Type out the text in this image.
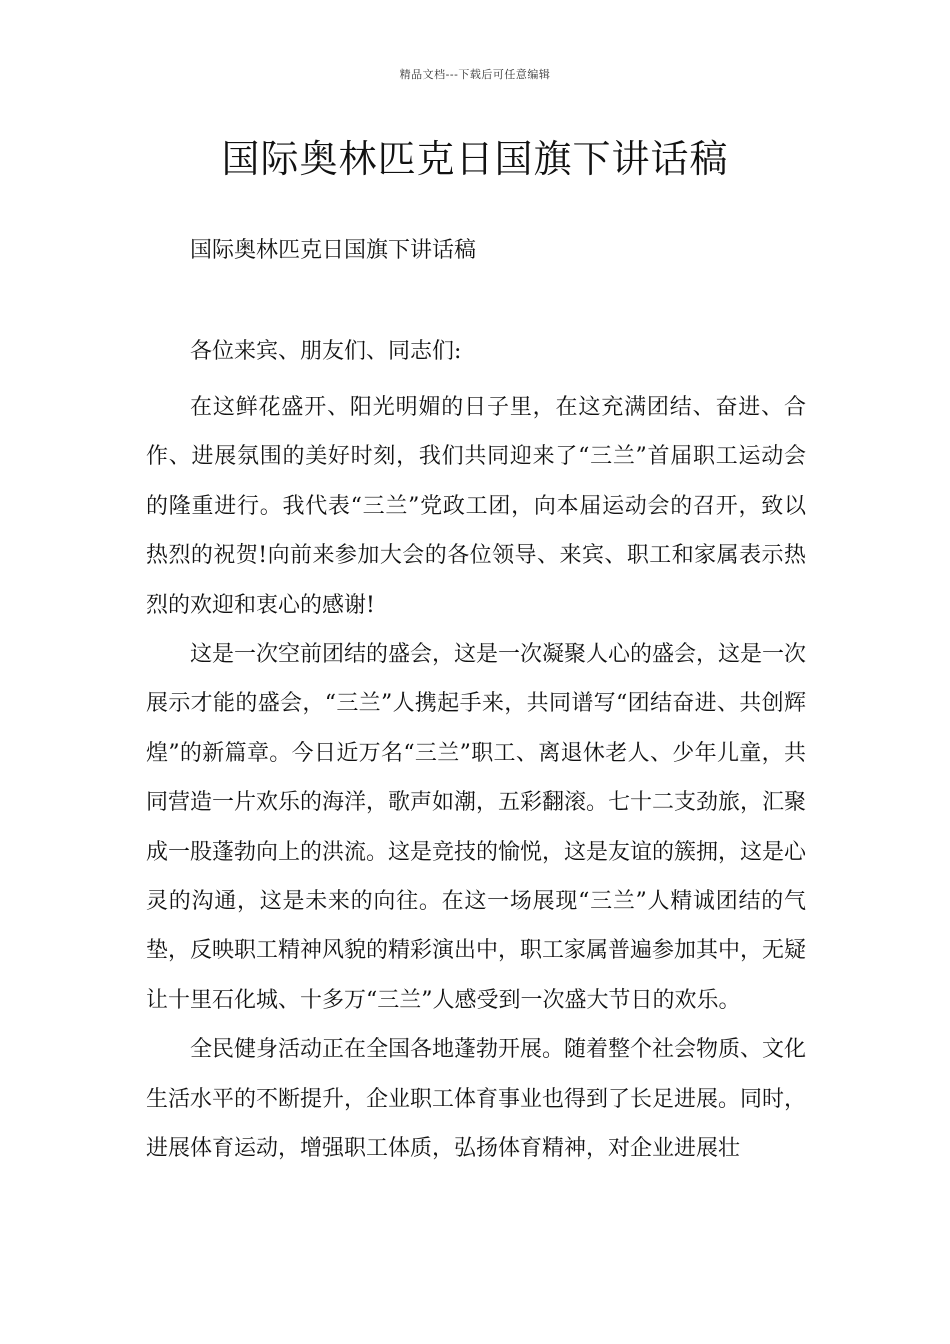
精品文档---下载后可任意编辑
国际奥林匹克日国旗下讲话稿

国际奥林匹克日国旗下讲话稿

各位来宾、朋友们、同志们:

在这鲜花盛开、阳光明媚的日子里，在这充满团结、奋进、合作、进展氛围的美好时刻，我们共同迎来了“三兰”首届职工运动会的隆重进行。我代表“三兰”党政工团，向本届运动会的召开，致以热烈的祝贺!向前来参加大会的各位领导、来宾、职工和家属表示热烈的欢迎和衷心的感谢!

这是一次空前团结的盛会，这是一次凝聚人心的盛会，这是一次展示才能的盛会，“三兰”人携起手来，共同谱写“团结奋进、共创辉煌”的新篇章。今日近万名“三兰”职工、离退休老人、少年儿童，共同营造一片欢乐的海洋，歌声如潮，五彩翻滚。七十二支劲旅，汇聚成一股蓬勃向上的洪流。这是竞技的愉悦，这是友谊的簇拥，这是心灵的沟通，这是未来的向往。在这一场展现“三兰”人精诚团结的气垫，反映职工精神风貌的精彩演出中，职工家属普遍参加其中，无疑让十里石化城、十多万“三兰”人感受到一次盛大节日的欢乐。

全民健身活动正在全国各地蓬勃开展。随着整个社会物质、文化生活水平的不断提升，企业职工体育事业也得到了长足进展。同时，进展体育运动，增强职工体质，弘扬体育精神，对企业进展壮
